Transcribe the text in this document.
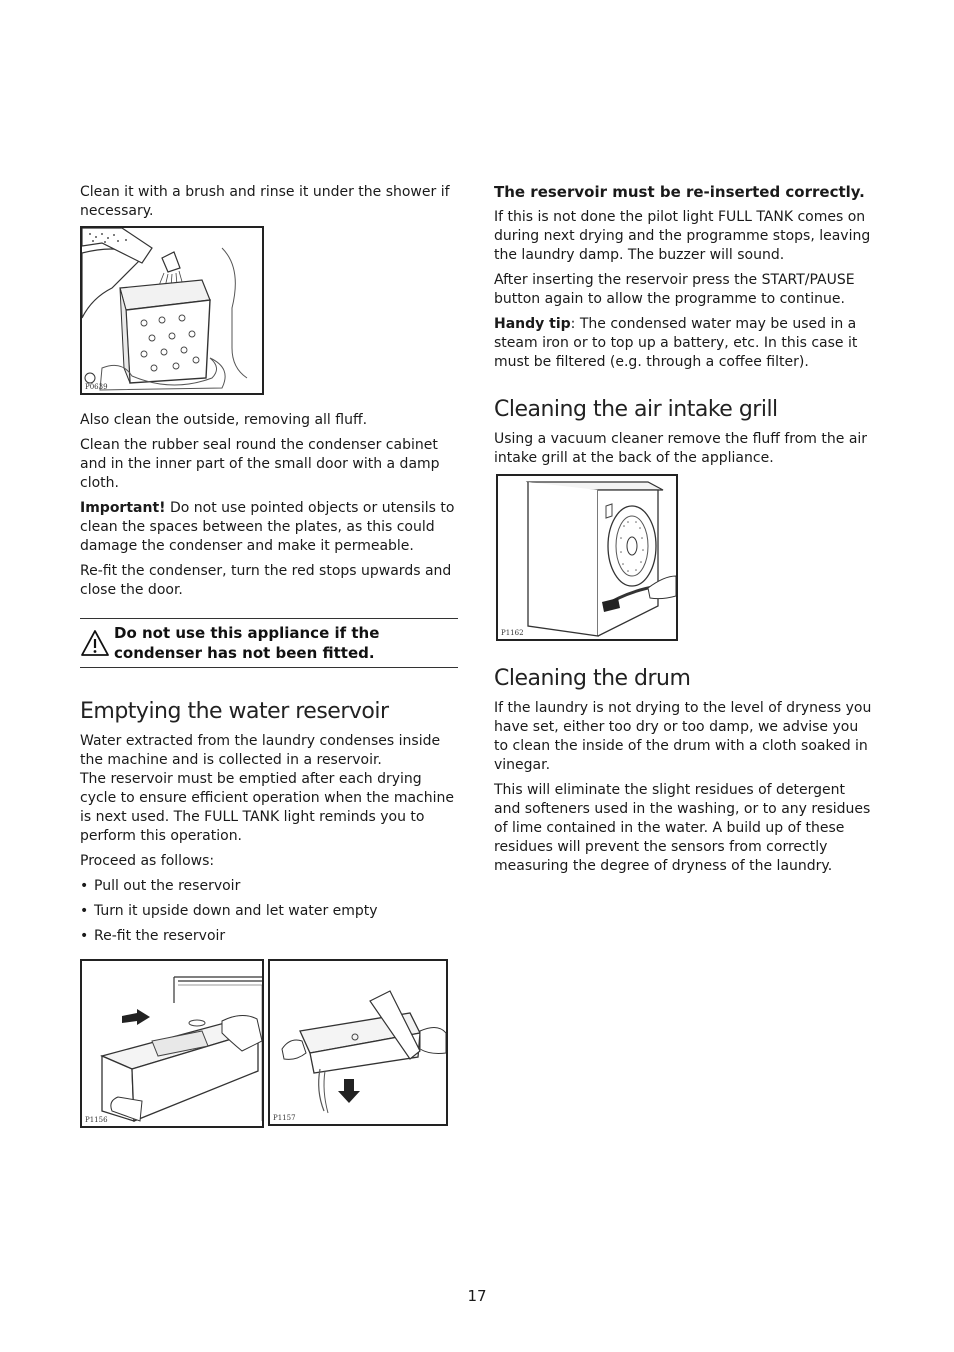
Clean it with a brush and rinse it under the shower if necessary.

P0639

Also clean the outside, removing all fluff.

Clean the rubber seal round the condenser cabinet and in the inner part of the small door with a damp cloth.

Important! Do not use pointed objects or utensils to clean the spaces between the plates, as this could damage the condenser and make it permeable.

Re-fit the condenser, turn the red stops upwards and close the door.

Do not use this appliance if the condenser has not been fitted.
Emptying the water reservoir

Water extracted from the laundry condenses inside the machine and is collected in a reservoir.

The reservoir must be emptied after each drying cycle to ensure efficient operation when the machine is next used. The FULL TANK light reminds you to perform this operation.

Proceed as follows:

• Pull out the reservoir
• Turn it upside down and let water empty
• Re-fit the reservoir
P1156	P1157

The reservoir must be re-inserted correctly.

If this is not done the pilot light FULL TANK comes on during next drying and the programme stops, leaving the laundry damp. The buzzer will sound.

After inserting the reservoir press the START/PAUSE button again to allow the programme to continue.

Handy tip: The condensed water may be used in a steam iron or to top up a battery, etc. In this case it must be filtered (e.g. through a coffee filter).

Cleaning the air intake grill

Using a vacuum cleaner remove the fluff from the air intake grill at the back of the appliance.

P1162
Cleaning the drum

If the laundry is not drying to the level of dryness you have set, either too dry or too damp, we advise you to clean the inside of the drum with a cloth soaked in vinegar.

This will eliminate the slight residues of detergent and softeners used in the washing, or to any residues of lime contained in the water. A build up of these residues will prevent the sensors from correctly measuring the degree of dryness of the laundry.

17
